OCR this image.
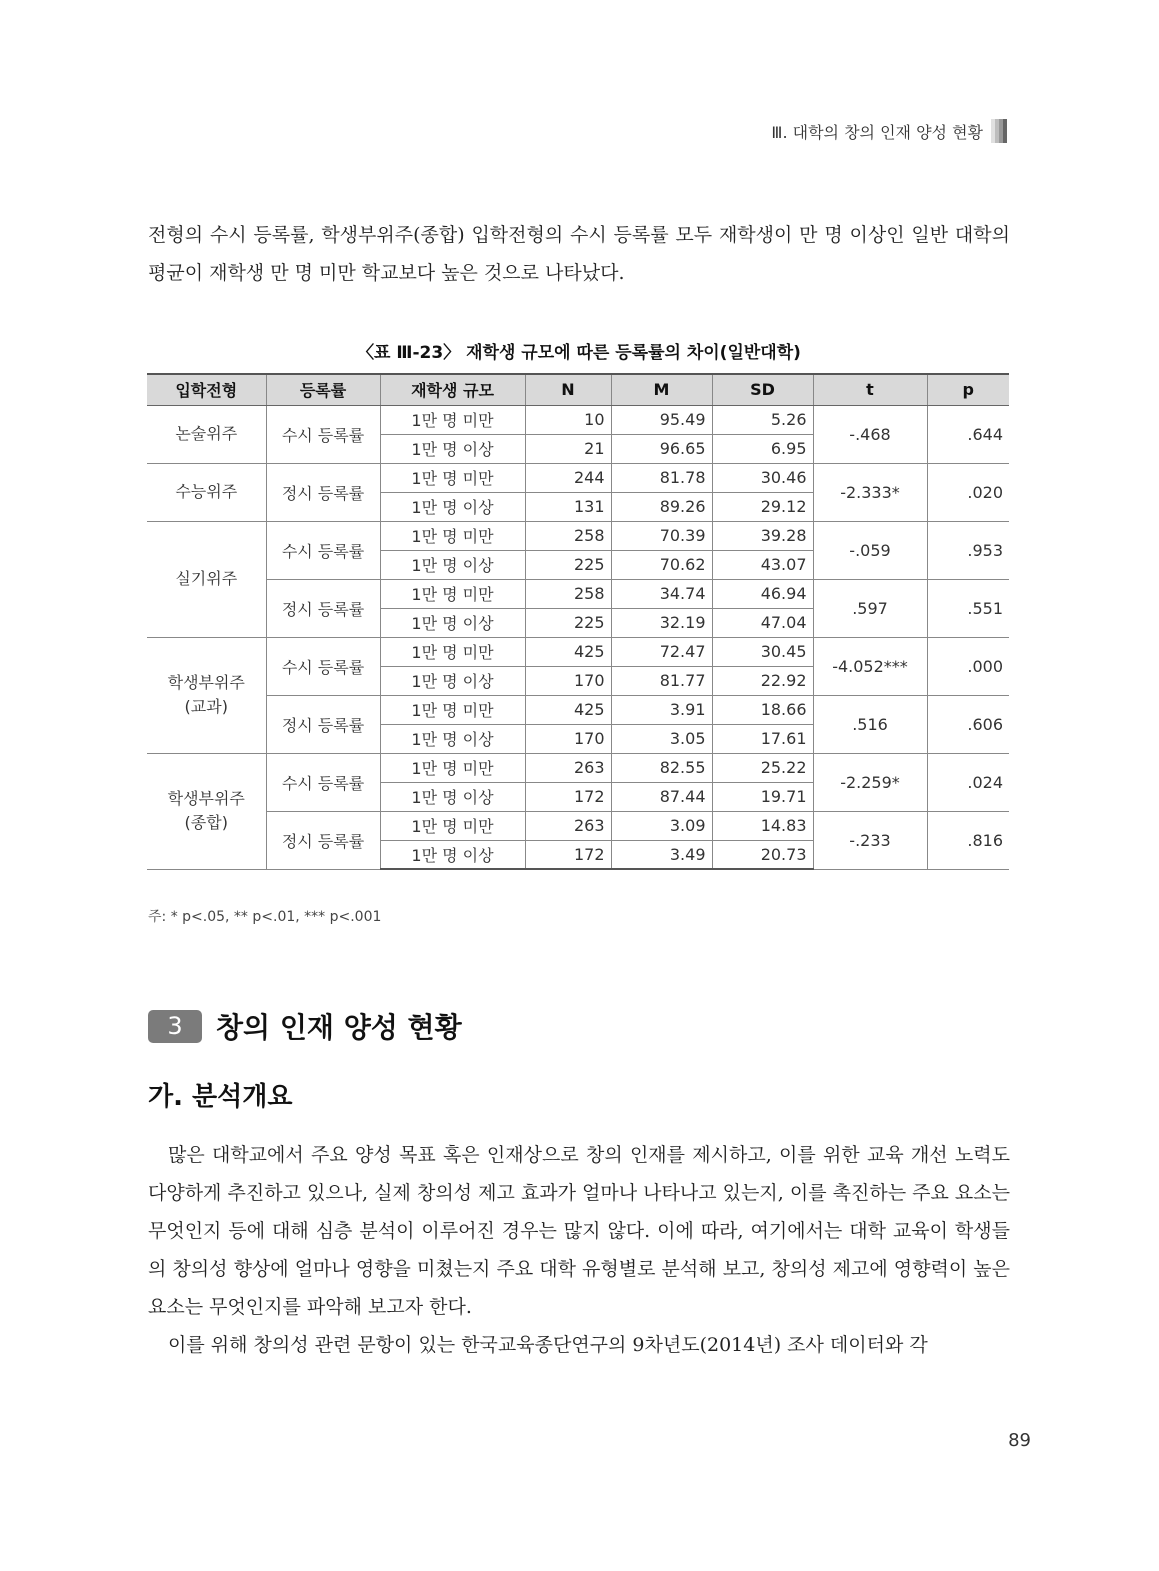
Ⅲ. 대학의 창의 인재 양성 현황

전형의 수시 등록률, 학생부위주(종합) 입학전형의 수시 등록률 모두 재학생이 만 명 이상인 일반 대학의 평균이 재학생 만 명 미만 학교보다 높은 것으로 나타났다.

〈표 Ⅲ-23〉 재학생 규모에 따른 등록률의 차이(일반대학)
입학전형	등록률	재학생 규모	N	M	SD	t	p
논술위주	수시 등록률	1만 명 미만	10	95.49	5.26	-.468	.644
		1만 명 이상	21	96.65	6.95		
수능위주	정시 등록률	1만 명 미만	244	81.78	30.46	-2.333*	.020
		1만 명 이상	131	89.26	29.12		
실기위주	수시 등록률	1만 명 미만	258	70.39	39.28	-.059	.953
		1만 명 이상	225	70.62	43.07		
	정시 등록률	1만 명 미만	258	34.74	46.94	.597	.551
		1만 명 이상	225	32.19	47.04		
학생부위주
(교과)	수시 등록률	1만 명 미만	425	72.47	30.45	-4.052***	.000
		1만 명 이상	170	81.77	22.92		
	정시 등록률	1만 명 미만	425	3.91	18.66	.516	.606
		1만 명 이상	170	3.05	17.61		
학생부위주
(종합)	수시 등록률	1만 명 미만	263	82.55	25.22	-2.259*	.024
		1만 명 이상	172	87.44	19.71		
	정시 등록률	1만 명 미만	263	3.09	14.83	-.233	.816
		1만 명 이상	172	3.49	20.73		
주: * p<.05, ** p<.01, *** p<.001
3	창의 인재 양성 현황
가. 분석개요

많은 대학교에서 주요 양성 목표 혹은 인재상으로 창의 인재를 제시하고, 이를 위한 교육 개선 노력도 다양하게 추진하고 있으나, 실제 창의성 제고 효과가 얼마나 나타나고 있는지, 이를 촉진하는 주요 요소는 무엇인지 등에 대해 심층 분석이 이루어진 경우는 많지 않다. 이에 따라, 여기에서는 대학 교육이 학생들의 창의성 향상에 얼마나 영향을 미쳤는지 주요 대학 유형별로 분석해 보고, 창의성 제고에 영향력이 높은 요소는 무엇인지를 파악해 보고자 한다.

이를 위해 창의성 관련 문항이 있는 한국교육종단연구의 9차년도(2014년) 조사 데이터와 각

89
